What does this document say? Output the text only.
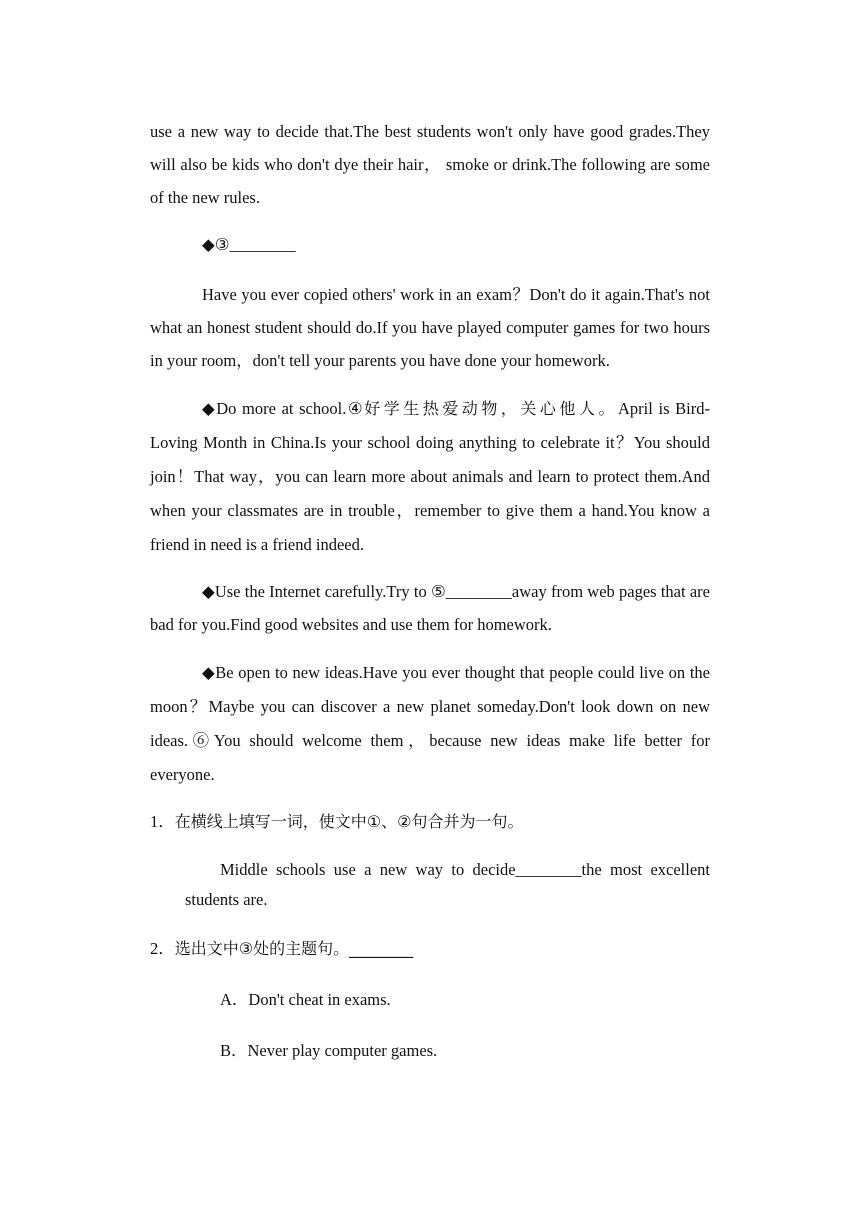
use a new way to decide that.The best students won't only have good grades.They will also be kids who don't dye their hair， smoke or drink.The following are some of the new rules.
◆③________
Have you ever copied others' work in an exam？Don't do it again.That's not what an honest student should do.If you have played computer games for two hours in your room，don't tell your parents you have done your homework.
◆Do more at school.④好学生热爱动物，关心他人。April is Bird-Loving Month in China.Is your school doing anything to celebrate it？You should join！That way，you can learn more about animals and learn to protect them.And when your classmates are in trouble，remember to give them a hand.You know a friend in need is a friend indeed.
◆Use the Internet carefully.Try to ⑤________away from web pages that are bad for you.Find good websites and use them for homework.
◆Be open to new ideas.Have you ever thought that people could live on the moon？Maybe you can discover a new planet someday.Don't look down on new ideas.⑥You should welcome them，because new ideas make life better for everyone.
1．在横线上填写一词，使文中①、②句合并为一句。
Middle schools use a new way to decide________the most excellent students are.
2．选出文中③处的主题句。________
A．Don't cheat in exams.
B．Never play computer games.
